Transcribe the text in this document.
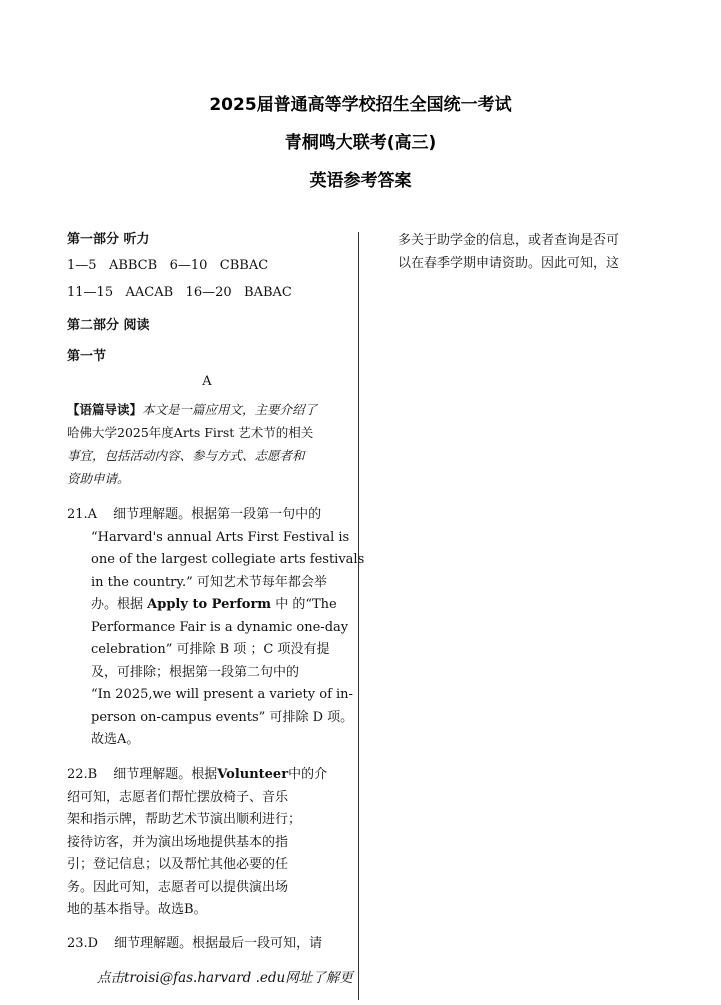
2025届普通高等学校招生全国统一考试
青桐鸣大联考(高三)
英语参考答案
第一部分 听力
1—5   ABBCB   6—10   CBBAC
11—15   AACAB   16—20   BABAC
第二部分 阅读
第一节
A
【语篇导读】本文是一篇应用文，主要介绍了
哈佛大学2025年度Arts First 艺术节的相关
事宜，包括活动内容、参与方式、志愿者和
资助申请。
21.A 细节理解题。根据第一段第一句中的
“Harvard's annual Arts First Festival is
one of the largest collegiate arts festivals
in the country.” 可知艺术节每年都会举
办。根据 Apply to Perform 中 的“The
Performance Fair is a dynamic one-day
celebration” 可排除 B 项 ；C 项没有提
及，可排除；根据第一段第二句中的
“In 2025,we will present a variety of in-
person on-campus events” 可排除 D 项。
故选A。
22.B 细节理解题。根据Volunteer中的介
绍可知，志愿者们帮忙摆放椅子、音乐
架和指示牌，帮助艺术节演出顺利进行；
接待访客，并为演出场地提供基本的指
引；登记信息；以及帮忙其他必要的任
务。因此可知，志愿者可以提供演出场
地的基本指导。故选B。
23.D 细节理解题。根据最后一段可知，请
点击troisi@fas.harvard .edu网址了解更
多关于助学金的信息，或者查询是否可
以在春季学期申请资助。因此可知，这
